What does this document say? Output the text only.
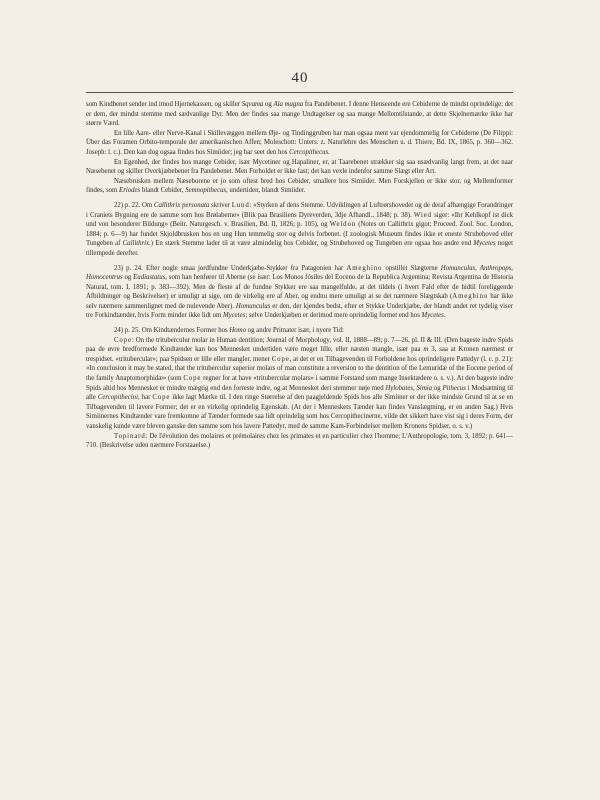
40

som Kindbenet sender ind imod Hjernekassen, og skiller Sqvama og Ala magna fra Pandebenet. I denne Henseende ere Cebiderne de mindst oprindelige; det er dem, der mindst stemme med sædvanlige Dyr. Men der findes saa mange Undtagelser og saa mange Mellemtilstande, at dette Skjelnemærke ikke har større Værd.

En lille Aare- eller Nerve-Kanal i Skillevæggen mellem Øje- og Tindinggruben har man ogsaa ment var ejendommelig for Cebiderne (De Filippi: Über das Foramen Orbito-temporale der amerikanischen Affen; Moleschott: Unters. z. Naturlehre des Menschen u. d. Thiere, Bd. IX, 1865, p. 360—362. Joseph: l. c.). Den kan dog ogsaa findes hos Simiider; jeg har seet den hos Cercopithecus.

En Egenhed, der findes hos mange Cebider, især Mycetiner og Hapaliner, er, at Taarebenet strækker sig saa usædvanlig langt frem, at det naar Næsebenet og skiller Overkjæbebenet fra Pandebenet. Men Forholdet er ikke fast; det kan vexle indenfor samme Slægt eller Art.

Næsebrusken mellem Næseborene er jo som oftest bred hos Cebider, smallere hos Simiider. Men Forskjellen er ikke stor, og Mellemformer findes, som Eriodes blandt Cebider, Semnopithecus, undertiden, blandt Simiider.

22) p. 22. Om Callithrix personata skriver Lund: «Styrken af dens Stemme. Udviklingen af Luftrørshovedet og de deraf afhængige Forandringer i Craniets Bygning ere de samme som hos Brølaberne» (Blik paa Brasiliens Dyreverden, 3dje Afhandl., 1848; p. 38). Wied siger: «Ihr Kehlkopf ist dick und von besonderer Bildung» (Beitr. Naturgesch. v. Brasilien, Bd. II, 1826; p. 105), og Weldon (Notes on Callithrix gigot; Proceed. Zool. Soc. London, 1884; p. 6—9) har fundet Skjoldbrusken hos en ung Hun temmelig stor og delvis forbenet. (I zoologisk Museum findes ikke et eneste Strubehoved eller Tungeben af Callithrix.) En stærk Stemme lader til at være almindelig hos Cebider, og Strubehoved og Tungeben ere ogsaa hos andre end Mycetes noget tillempede derefter.

23) p. 24. Efter nogle smaa jordfundne Underkjæbe-Stykker fra Patagonien har Ameghino opstillet Slægterne Homunculus, Anthropops, Homocentrus og Eudiastatus, som han henfører til Aberne (se især: Los Monos fósiles del Eoceno de la Republica Argentina; Revista Argentina de Historia Natural, tom. I, 1891; p. 383—392). Men de fleste af de fundne Stykker ere saa mangelfulde, at det tildels (i hvert Fald efter de hidtil foreliggende Afbildninger og Beskrivelser) er umuligt at sige, om de virkelig ere af Aber, og endnu mere umuligt at se det nærmere Slægtskab (Ameghino har ikke selv nærmere sammenlignet med de nulevende Aber). Homunculus er den, der kjendes bedst, efter et Stykke Underkjæbe, der blandt andet ret tydelig viser tre Forkindtænder, hvis Form minder ikke lidt om Mycetes; selve Underkjæben er derimod mere oprindelig formet end hos Mycetes.

24) p. 25. Om Kindtændernes Former hos Homo og andre Primater især, i nyere Tid:

Cope: On the trituberculur molar in Human dentition; Journal of Morphology, vol. II, 1888—89; p. 7—26, pl. II & III. (Den bageste indre Spids paa de øvre bredformede Kindtænder kan hos Mennesket undertiden være meget lille, eller næsten mangle, især paa m 3, saa at Kronen nærmest er trespidset. «tritubercular»; paa Spidsen er lille eller mangler, mener Cope, at det er en Tilbagevenden til Forholdene hos oprindeligere Pattedyr (l. c. p. 21): «In conclusion it may be stated, that the trituberculur superior molars of man constitute a reversion to the dentition of the Lemuridæ of the Eocene period of the family Anaptomorphidæ» (som Cope regner for at have «tritubercular molars» i samme Forstand som mange Insektædere o. s. v.). At den bageste indre Spids altid hos Mennesket er mindre mægtig end den forreste indre, og at Mennesket deri stemmer nøje med Hylobates, Simia og Pithecus i Modsætning til alle Cercopithecini, har Cope ikke lagt Mærke til. I den ringe Størrelse af den paagjeldende Spids hos alle Simiiner er der ikke mindste Grund til at se en Tilbagevenden til lavere Former; det er en virkelig oprindelig Egenskab. (At der i Menneskets Tænder kan findes Vanslægtning, er en anden Sag.) Hvis Simiinernes Kindtænder vare fremkomne af Tænder formede saa lidt oprindelig som hos Cercopithecinerne, vilde det sikkert have vist sig i deres Form, der vanskelig kunde være bleven ganske den samme som hos lavere Pattedyr, med de samme Kam-Forbindelser mellem Kronens Spidser, o. s. v.)

Topinard: De l'évolution des molaires et prémolaires chez les primates et en particulier chez l'homme; L'Anthropologie, tom. 3, 1892; p. 641—710. (Beskrivelse uden nærmere Forstaaelse.)
